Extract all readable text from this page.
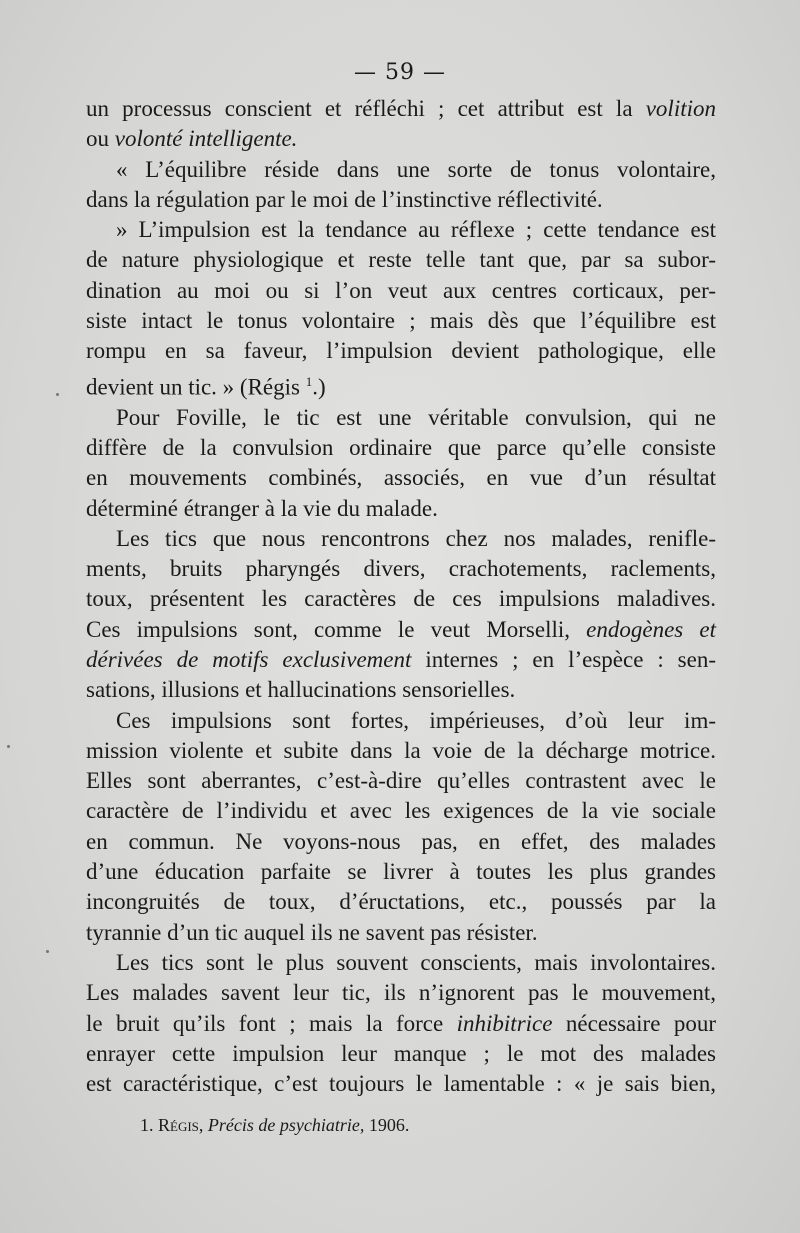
— 59 —
un processus conscient et réfléchi ; cet attribut est la volition
ou volonté intelligente.
« L’équilibre réside dans une sorte de tonus volontaire,
dans la régulation par le moi de l’instinctive réflectivité.
» L’impulsion est la tendance au réflexe ; cette tendance est
de nature physiologique et reste telle tant que, par sa subor-
dination au moi ou si l’on veut aux centres corticaux, per-
siste intact le tonus volontaire ; mais dès que l’équilibre est
rompu en sa faveur, l’impulsion devient pathologique, elle
devient un tic. » (Régis $^1$.)
Pour Foville, le tic est une véritable convulsion, qui ne
diffère de la convulsion ordinaire que parce qu’elle consiste
en mouvements combinés, associés, en vue d’un résultat
déterminé étranger à la vie du malade.
Les tics que nous rencontrons chez nos malades, renifle-
ments, bruits pharyngés divers, crachotements, raclements,
toux, présentent les caractères de ces impulsions maladives.
Ces impulsions sont, comme le veut Morselli, endogènes et
dérivées de motifs exclusivement internes ; en l’espèce : sen-
sations, illusions et hallucinations sensorielles.
Ces impulsions sont fortes, impérieuses, d’où leur im-
mission violente et subite dans la voie de la décharge motrice.
Elles sont aberrantes, c’est-à-dire qu’elles contrastent avec le
caractère de l’individu et avec les exigences de la vie sociale
en commun. Ne voyons-nous pas, en effet, des malades
d’une éducation parfaite se livrer à toutes les plus grandes
incongruités de toux, d’éructations, etc., poussés par la
tyrannie d’un tic auquel ils ne savent pas résister.
Les tics sont le plus souvent conscients, mais involontaires.
Les malades savent leur tic, ils n’ignorent pas le mouvement,
le bruit qu’ils font ; mais la force inhibitrice nécessaire pour
enrayer cette impulsion leur manque ; le mot des malades
est caractéristique, c’est toujours le lamentable : « je sais bien,
1. Régis, Précis de psychiatrie, 1906.
